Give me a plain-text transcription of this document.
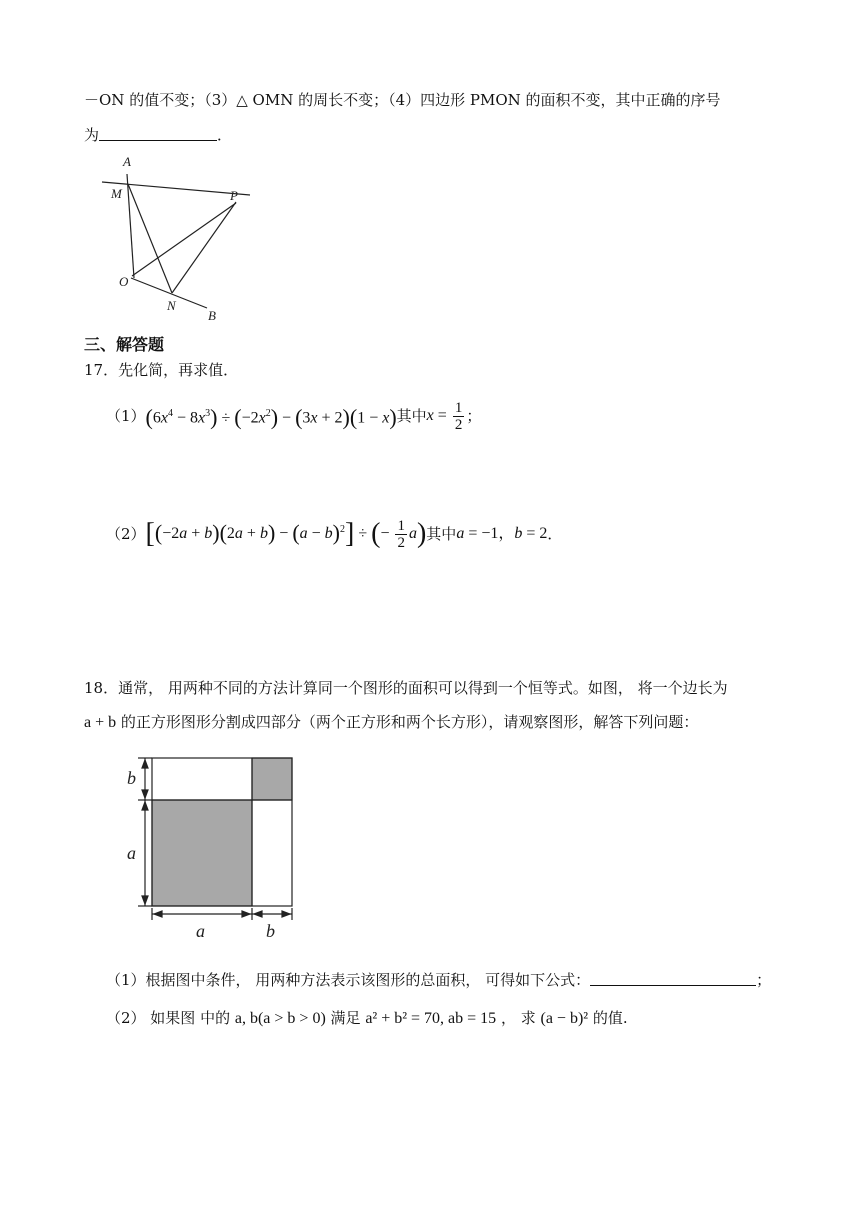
－ON 的值不变；（3）△ OMN 的周长不变；（4）四边形 PMON 的面积不变，其中正确的序号
为	．
A
M	P
O
N
B
三、解答题
17．先化简，再求值．
（1） $(6x^4 - 8x^3) \div (-2x^2) - (3x + 2)(1 - x)$ 其中 $x = \frac{1}{2}$ ；
（2） $[(-2a + b)(2a + b) - (a - b)^2]$ ÷ (− $\frac{1}{2} a$) 其中 a = −1，b = 2 ．
18．通常， 用两种不同的方法计算同一个图形的面积可以得到一个恒等式。如图， 将一个边长为
a + b 的正方形图形分割成四部分（两个正方形和两个长方形），请观察图形，解答下列问题：
b
a
a	b
（1）根据图中条件， 用两种方法表示该图形的总面积， 可得如下公式：	；
（2） 如果图 中的 a, b(a > b > 0) 满足 a² + b² = 70, ab = 15 ， 求 (a − b)² 的值.
